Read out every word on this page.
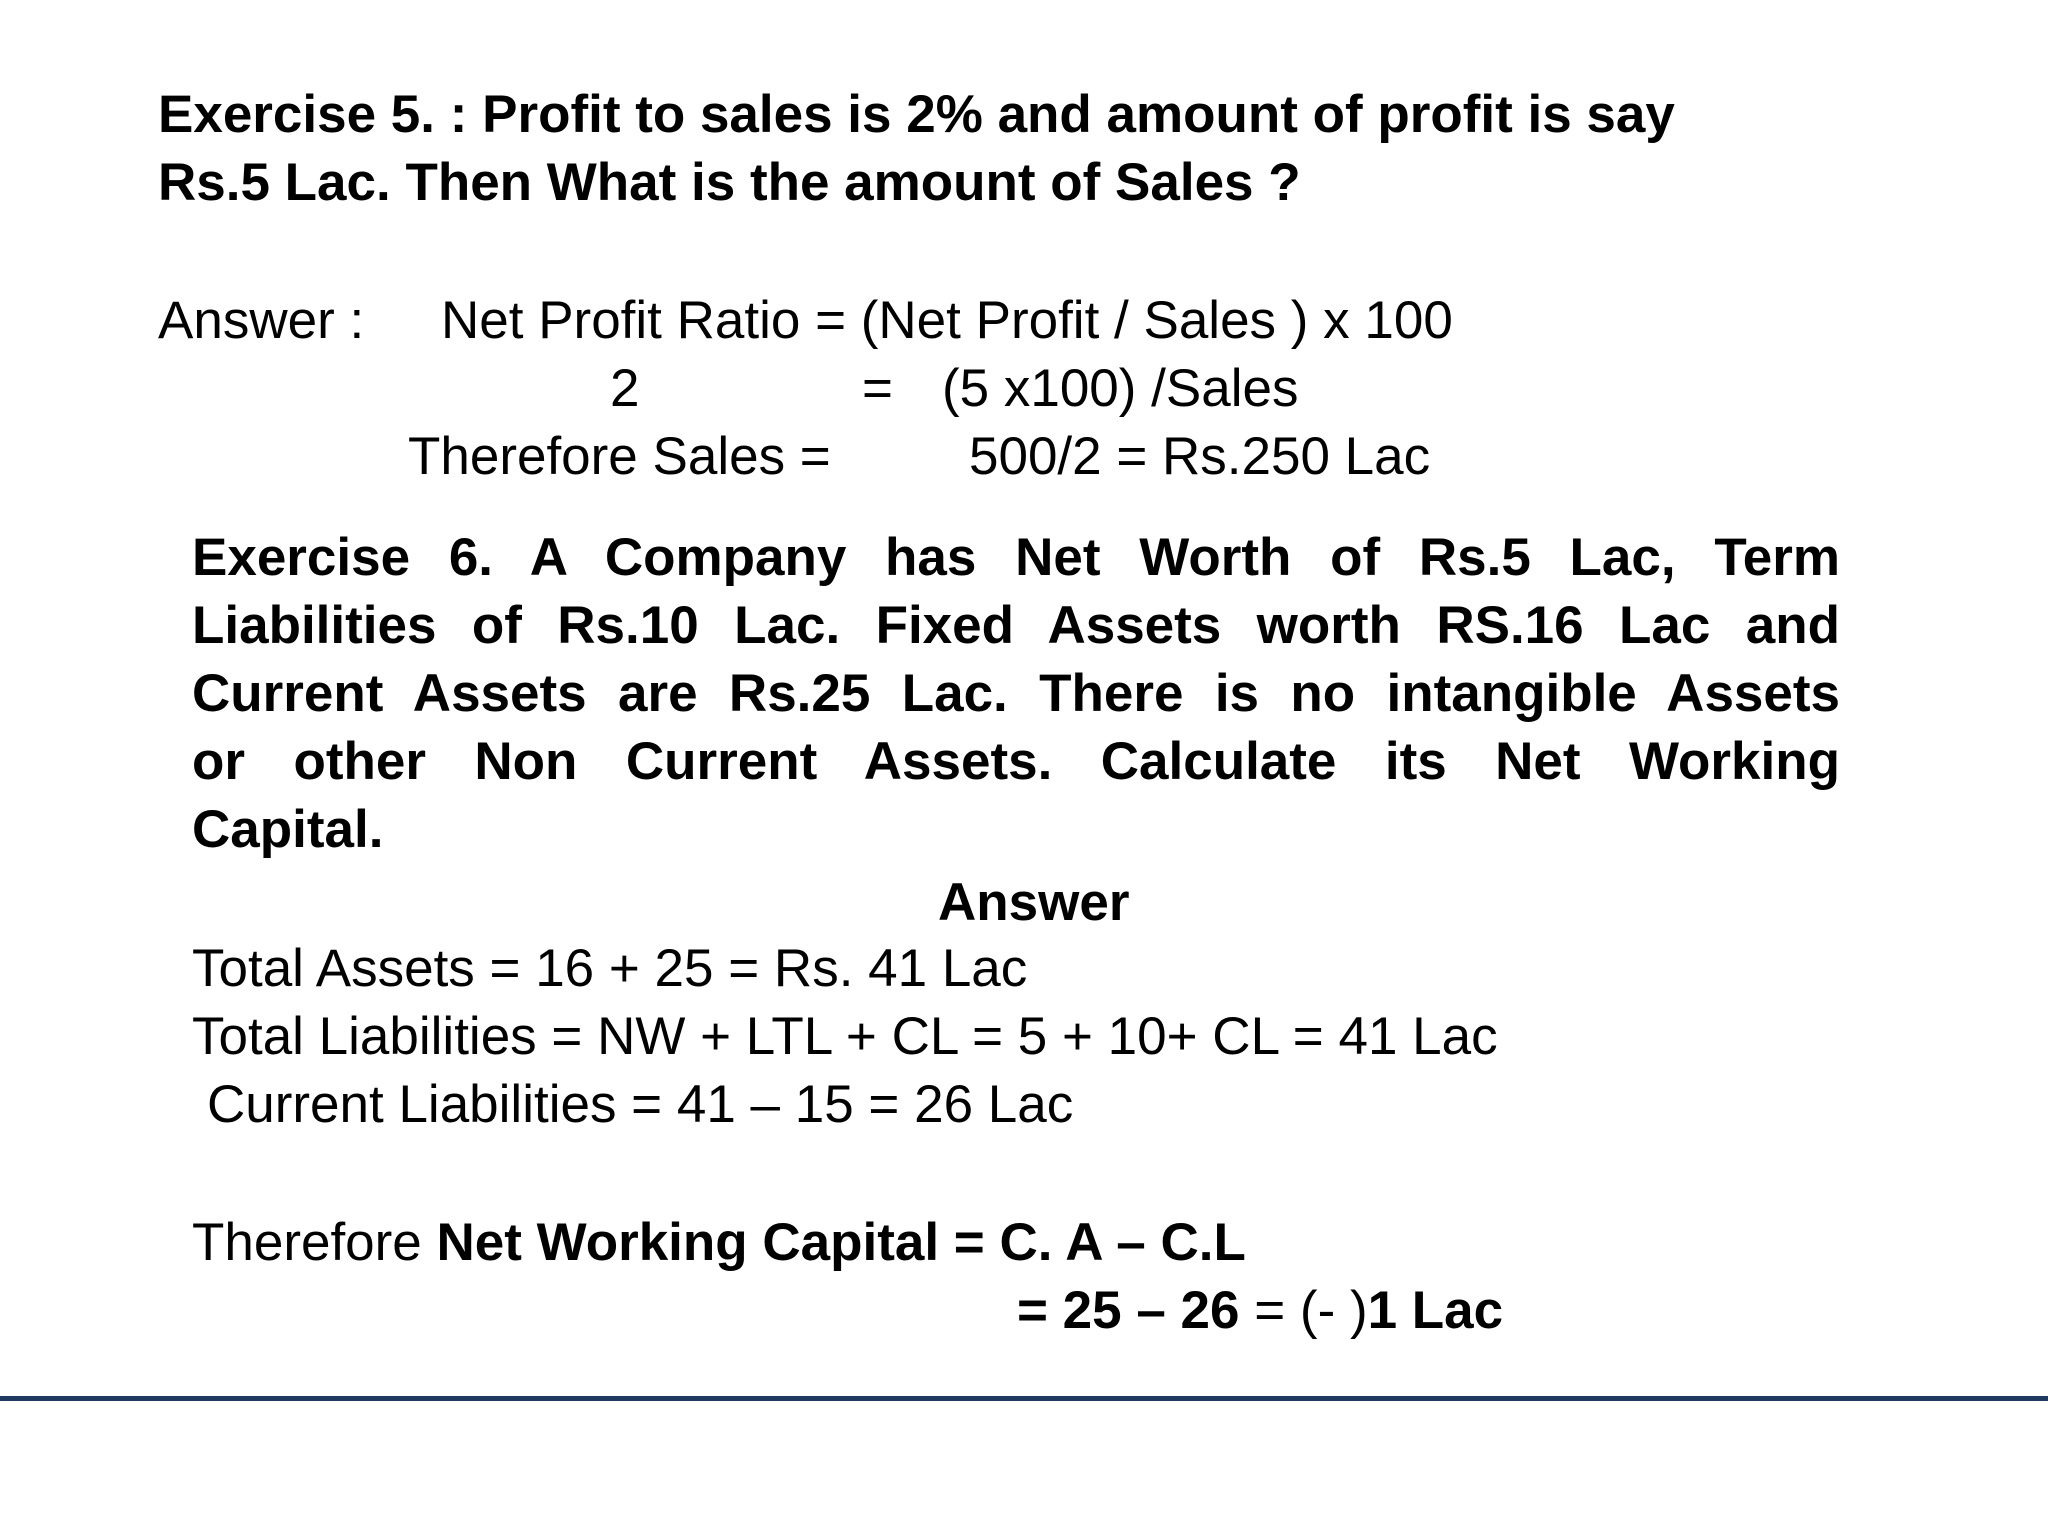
Exercise 5. : Profit to sales is 2% and amount of profit is say

Rs.5 Lac. Then What is the amount of Sales ?

Answer : Net Profit Ratio = (Net Profit / Sales ) x 100

2	= (5 x100) /Sales

Therefore Sales =	500/2 = Rs.250 Lac

Exercise 6. A Company has Net Worth of Rs.5 Lac, Term
Liabilities of Rs.10 Lac. Fixed Assets worth RS.16 Lac and
Current Assets are Rs.25 Lac. There is no intangible Assets
or other Non Current Assets. Calculate its Net Working
Capital.

Answer

Total Assets = 16 + 25 = Rs. 41 Lac

Total Liabilities = NW + LTL + CL = 5 + 10+ CL = 41 Lac

Current Liabilities = 41 – 15 = 26 Lac

Therefore Net Working Capital = C. A – C.L

= 25 – 26 = (- )1 Lac
